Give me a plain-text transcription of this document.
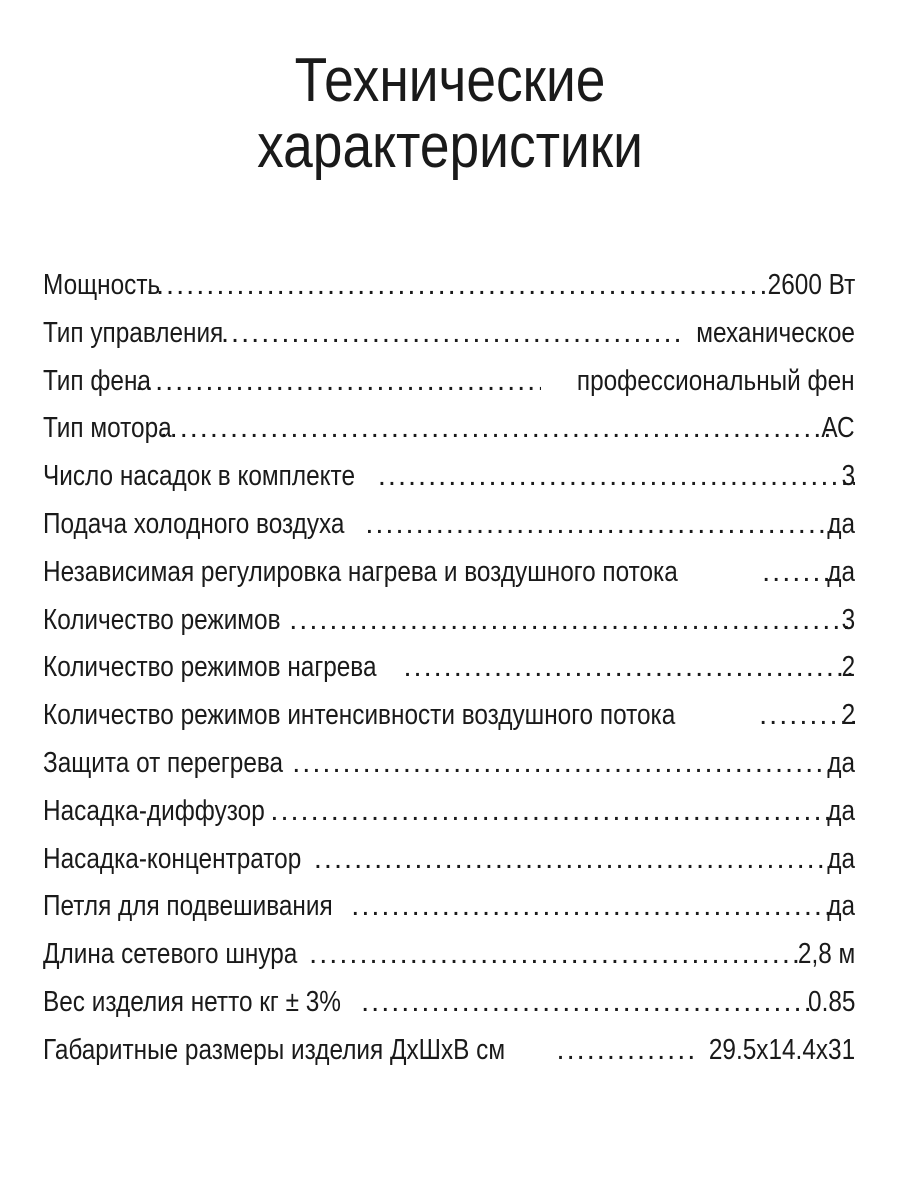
Технические
характеристики
Мощность .....	2600 Вт
Тип управления .....	механическое
Тип фена .....	профессиональный фен
Тип мотора .....	АС
Число насадок в комплекте .....	3
Подача холодного воздуха .....	да
Независимая регулировка нагрева и воздушного потока .....	да
Количество режимов .....	3
Количество режимов нагрева .....	2
Количество режимов интенсивности воздушного потока .....	2
Защита от перегрева .....	да
Насадка-диффузор .....	да
Насадка-концентратор .....	да
Петля для подвешивания .....	да
Длина сетевого шнура .....	2,8 м
Вес изделия нетто кг ± 3% .....	0.85
Габаритные размеры изделия ДхШхВ см .....	29.5x14.4x31
